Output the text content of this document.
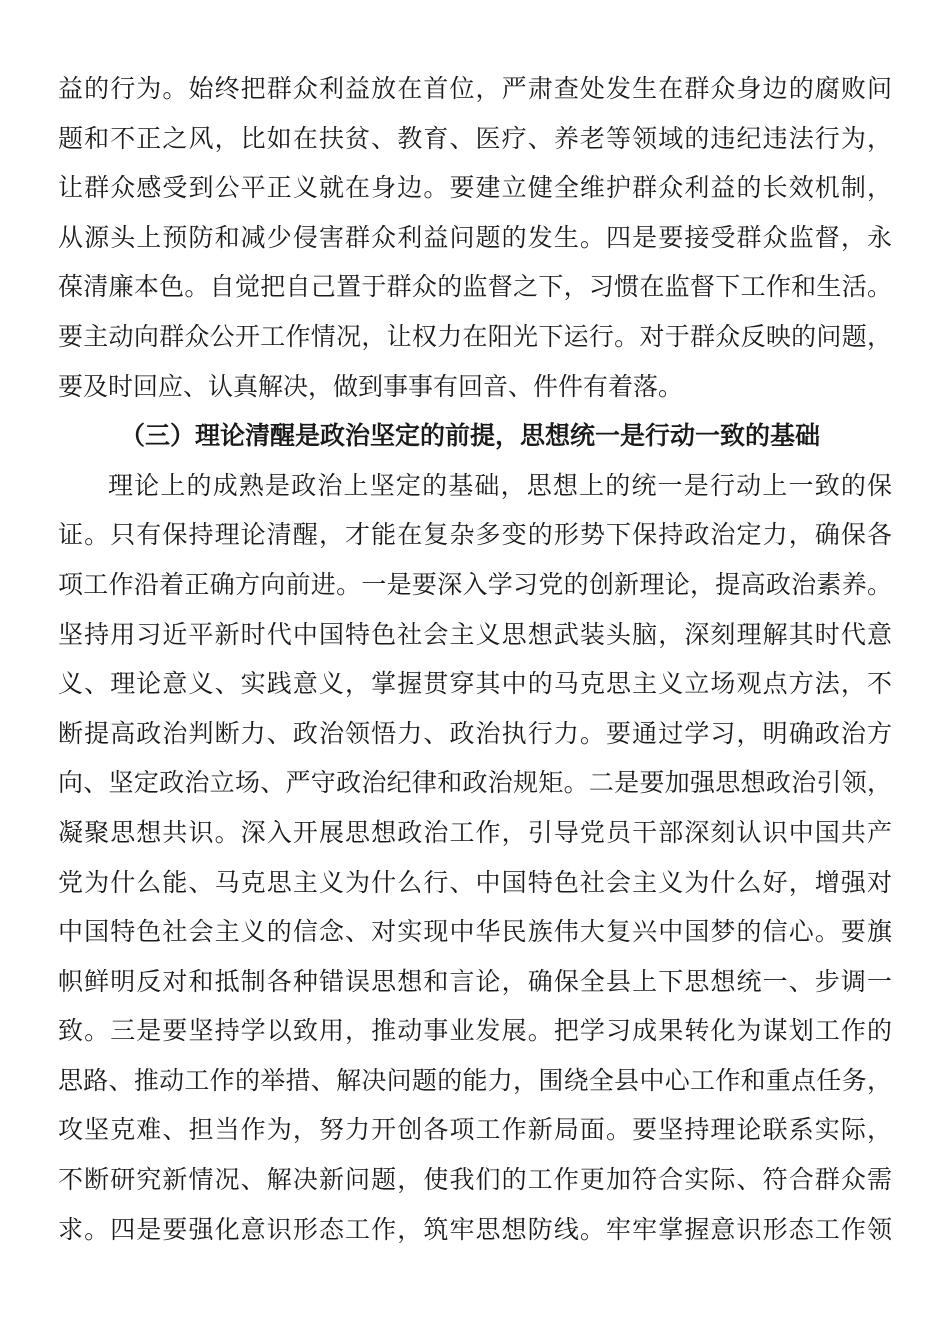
益的行为。始终把群众利益放在首位，严肃查处发生在群众身边的腐败问
题和不正之风，比如在扶贫、教育、医疗、养老等领域的违纪违法行为，
让群众感受到公平正义就在身边。要建立健全维护群众利益的长效机制，
从源头上预防和减少侵害群众利益问题的发生。四是要接受群众监督，永
葆清廉本色。自觉把自己置于群众的监督之下，习惯在监督下工作和生活。
要主动向群众公开工作情况，让权力在阳光下运行。对于群众反映的问题，
要及时回应、认真解决，做到事事有回音、件件有着落。
（三）理论清醒是政治坚定的前提，思想统一是行动一致的基础
理论上的成熟是政治上坚定的基础，思想上的统一是行动上一致的保
证。只有保持理论清醒，才能在复杂多变的形势下保持政治定力，确保各
项工作沿着正确方向前进。一是要深入学习党的创新理论，提高政治素养。
坚持用习近平新时代中国特色社会主义思想武装头脑，深刻理解其时代意
义、理论意义、实践意义，掌握贯穿其中的马克思主义立场观点方法，不
断提高政治判断力、政治领悟力、政治执行力。要通过学习，明确政治方
向、坚定政治立场、严守政治纪律和政治规矩。二是要加强思想政治引领，
凝聚思想共识。深入开展思想政治工作，引导党员干部深刻认识中国共产
党为什么能、马克思主义为什么行、中国特色社会主义为什么好，增强对
中国特色社会主义的信念、对实现中华民族伟大复兴中国梦的信心。要旗
帜鲜明反对和抵制各种错误思想和言论，确保全县上下思想统一、步调一
致。三是要坚持学以致用，推动事业发展。把学习成果转化为谋划工作的
思路、推动工作的举措、解决问题的能力，围绕全县中心工作和重点任务，
攻坚克难、担当作为，努力开创各项工作新局面。要坚持理论联系实际，
不断研究新情况、解决新问题，使我们的工作更加符合实际、符合群众需
求。四是要强化意识形态工作，筑牢思想防线。牢牢掌握意识形态工作领
